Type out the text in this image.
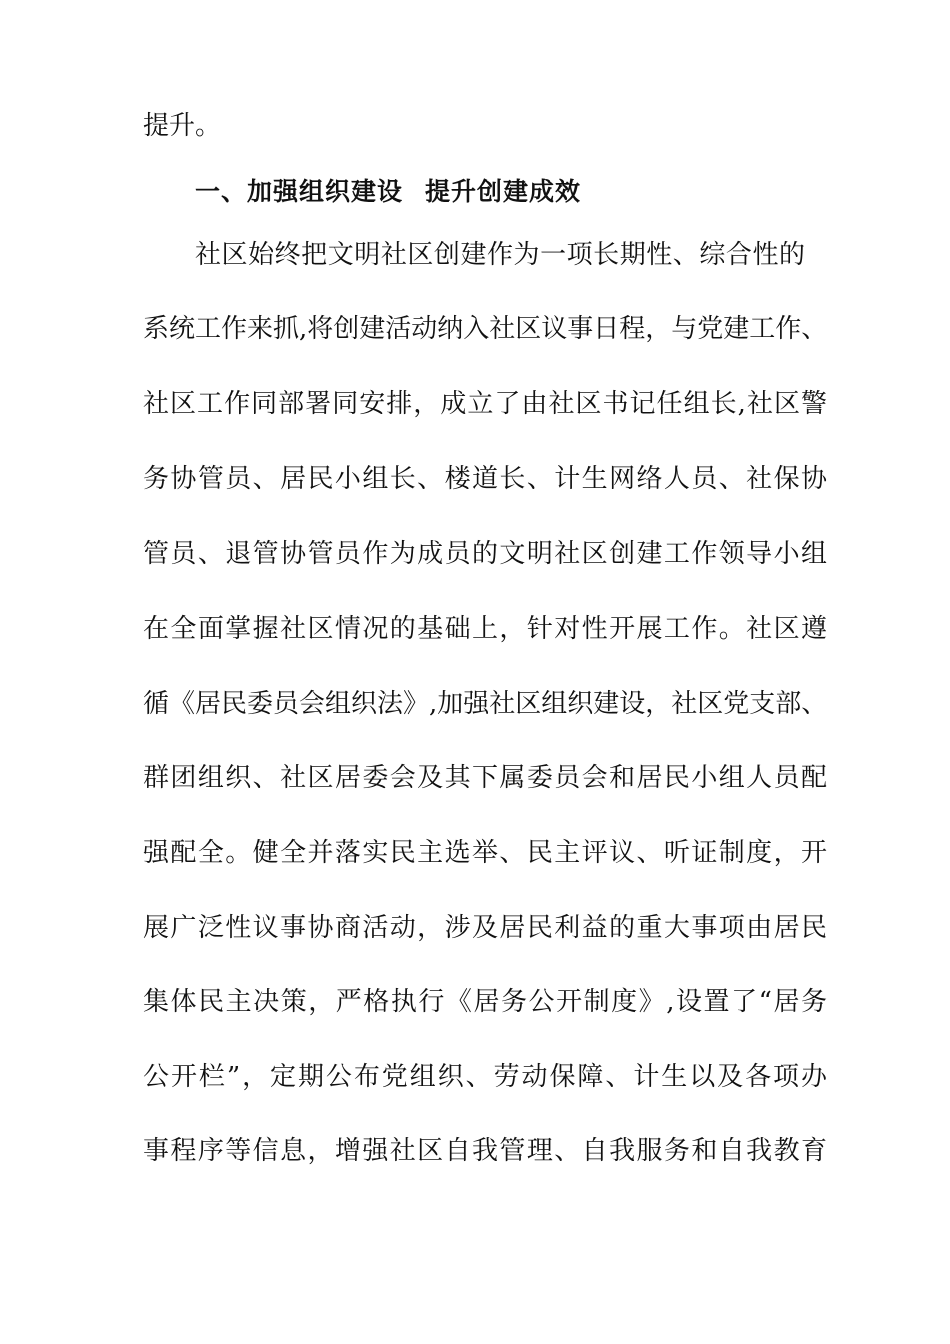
提升。
一、加强组织建设 提升创建成效
社区始终把文明社区创建作为一项长期性、综合性的
系统工作来抓,将创建活动纳入社区议事日程，与党建工作、
社区工作同部署同安排，成立了由社区书记任组长,社区警
务协管员、居民小组长、楼道长、计生网络人员、社保协
管员、退管协管员作为成员的文明社区创建工作领导小组
在全面掌握社区情况的基础上，针对性开展工作。社区遵
循《居民委员会组织法》,加强社区组织建设，社区党支部、
群团组织、社区居委会及其下属委员会和居民小组人员配
强配全。健全并落实民主选举、民主评议、听证制度，开
展广泛性议事协商活动，涉及居民利益的重大事项由居民
集体民主决策，严格执行《居务公开制度》,设置了“居务
公开栏”，定期公布党组织、劳动保障、计生以及各项办
事程序等信息，增强社区自我管理、自我服务和自我教育
